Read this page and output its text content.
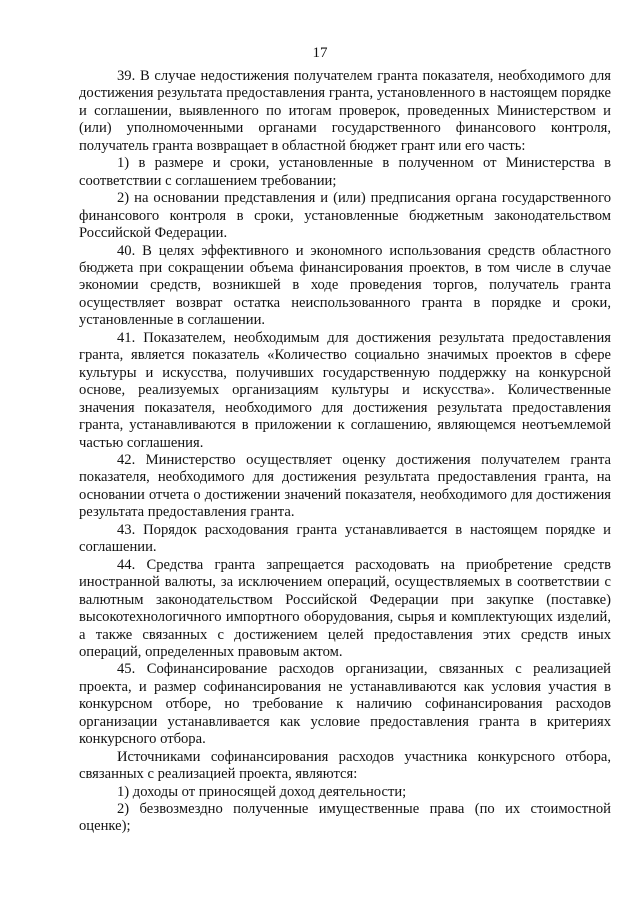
17

39. В случае недостижения получателем гранта показателя, необходимого для достижения результата предоставления гранта, установленного в настоящем порядке и соглашении, выявленного по итогам проверок, проведенных Министерством и (или) уполномоченными органами государственного финансового контроля, получатель гранта возвращает в областной бюджет грант или его часть:

1) в размере и сроки, установленные в полученном от Министерства в соответствии с соглашением требовании;

2) на основании представления и (или) предписания органа государственного финансового контроля в сроки, установленные бюджетным законодательством Российской Федерации.

40. В целях эффективного и экономного использования средств областного бюджета при сокращении объема финансирования проектов, в том числе в случае экономии средств, возникшей в ходе проведения торгов, получатель гранта осуществляет возврат остатка неиспользованного гранта в порядке и сроки, установленные в соглашении.

41. Показателем, необходимым для достижения результата предоставления гранта, является показатель «Количество социально значимых проектов в сфере культуры и искусства, получивших государственную поддержку на конкурсной основе, реализуемых организациям культуры и искусства». Количественные значения показателя, необходимого для достижения результата предоставления гранта, устанавливаются в приложении к соглашению, являющемся неотъемлемой частью соглашения.

42. Министерство осуществляет оценку достижения получателем гранта показателя, необходимого для достижения результата предоставления гранта, на основании отчета о достижении значений показателя, необходимого для достижения результата предоставления гранта.

43. Порядок расходования гранта устанавливается в настоящем порядке и соглашении.

44. Средства гранта запрещается расходовать на приобретение средств иностранной валюты, за исключением операций, осуществляемых в соответствии с валютным законодательством Российской Федерации при закупке (поставке) высокотехнологичного импортного оборудования, сырья и комплектующих изделий, а также связанных с достижением целей предоставления этих средств иных операций, определенных правовым актом.

45. Софинансирование расходов организации, связанных с реализацией проекта, и размер софинансирования не устанавливаются как условия участия в конкурсном отборе, но требование к наличию софинансирования расходов организации устанавливается как условие предоставления гранта в критериях конкурсного отбора.

Источниками софинансирования расходов участника конкурсного отбора, связанных с реализацией проекта, являются:

1) доходы от приносящей доход деятельности;

2) безвозмездно полученные имущественные права (по их стоимостной оценке);
